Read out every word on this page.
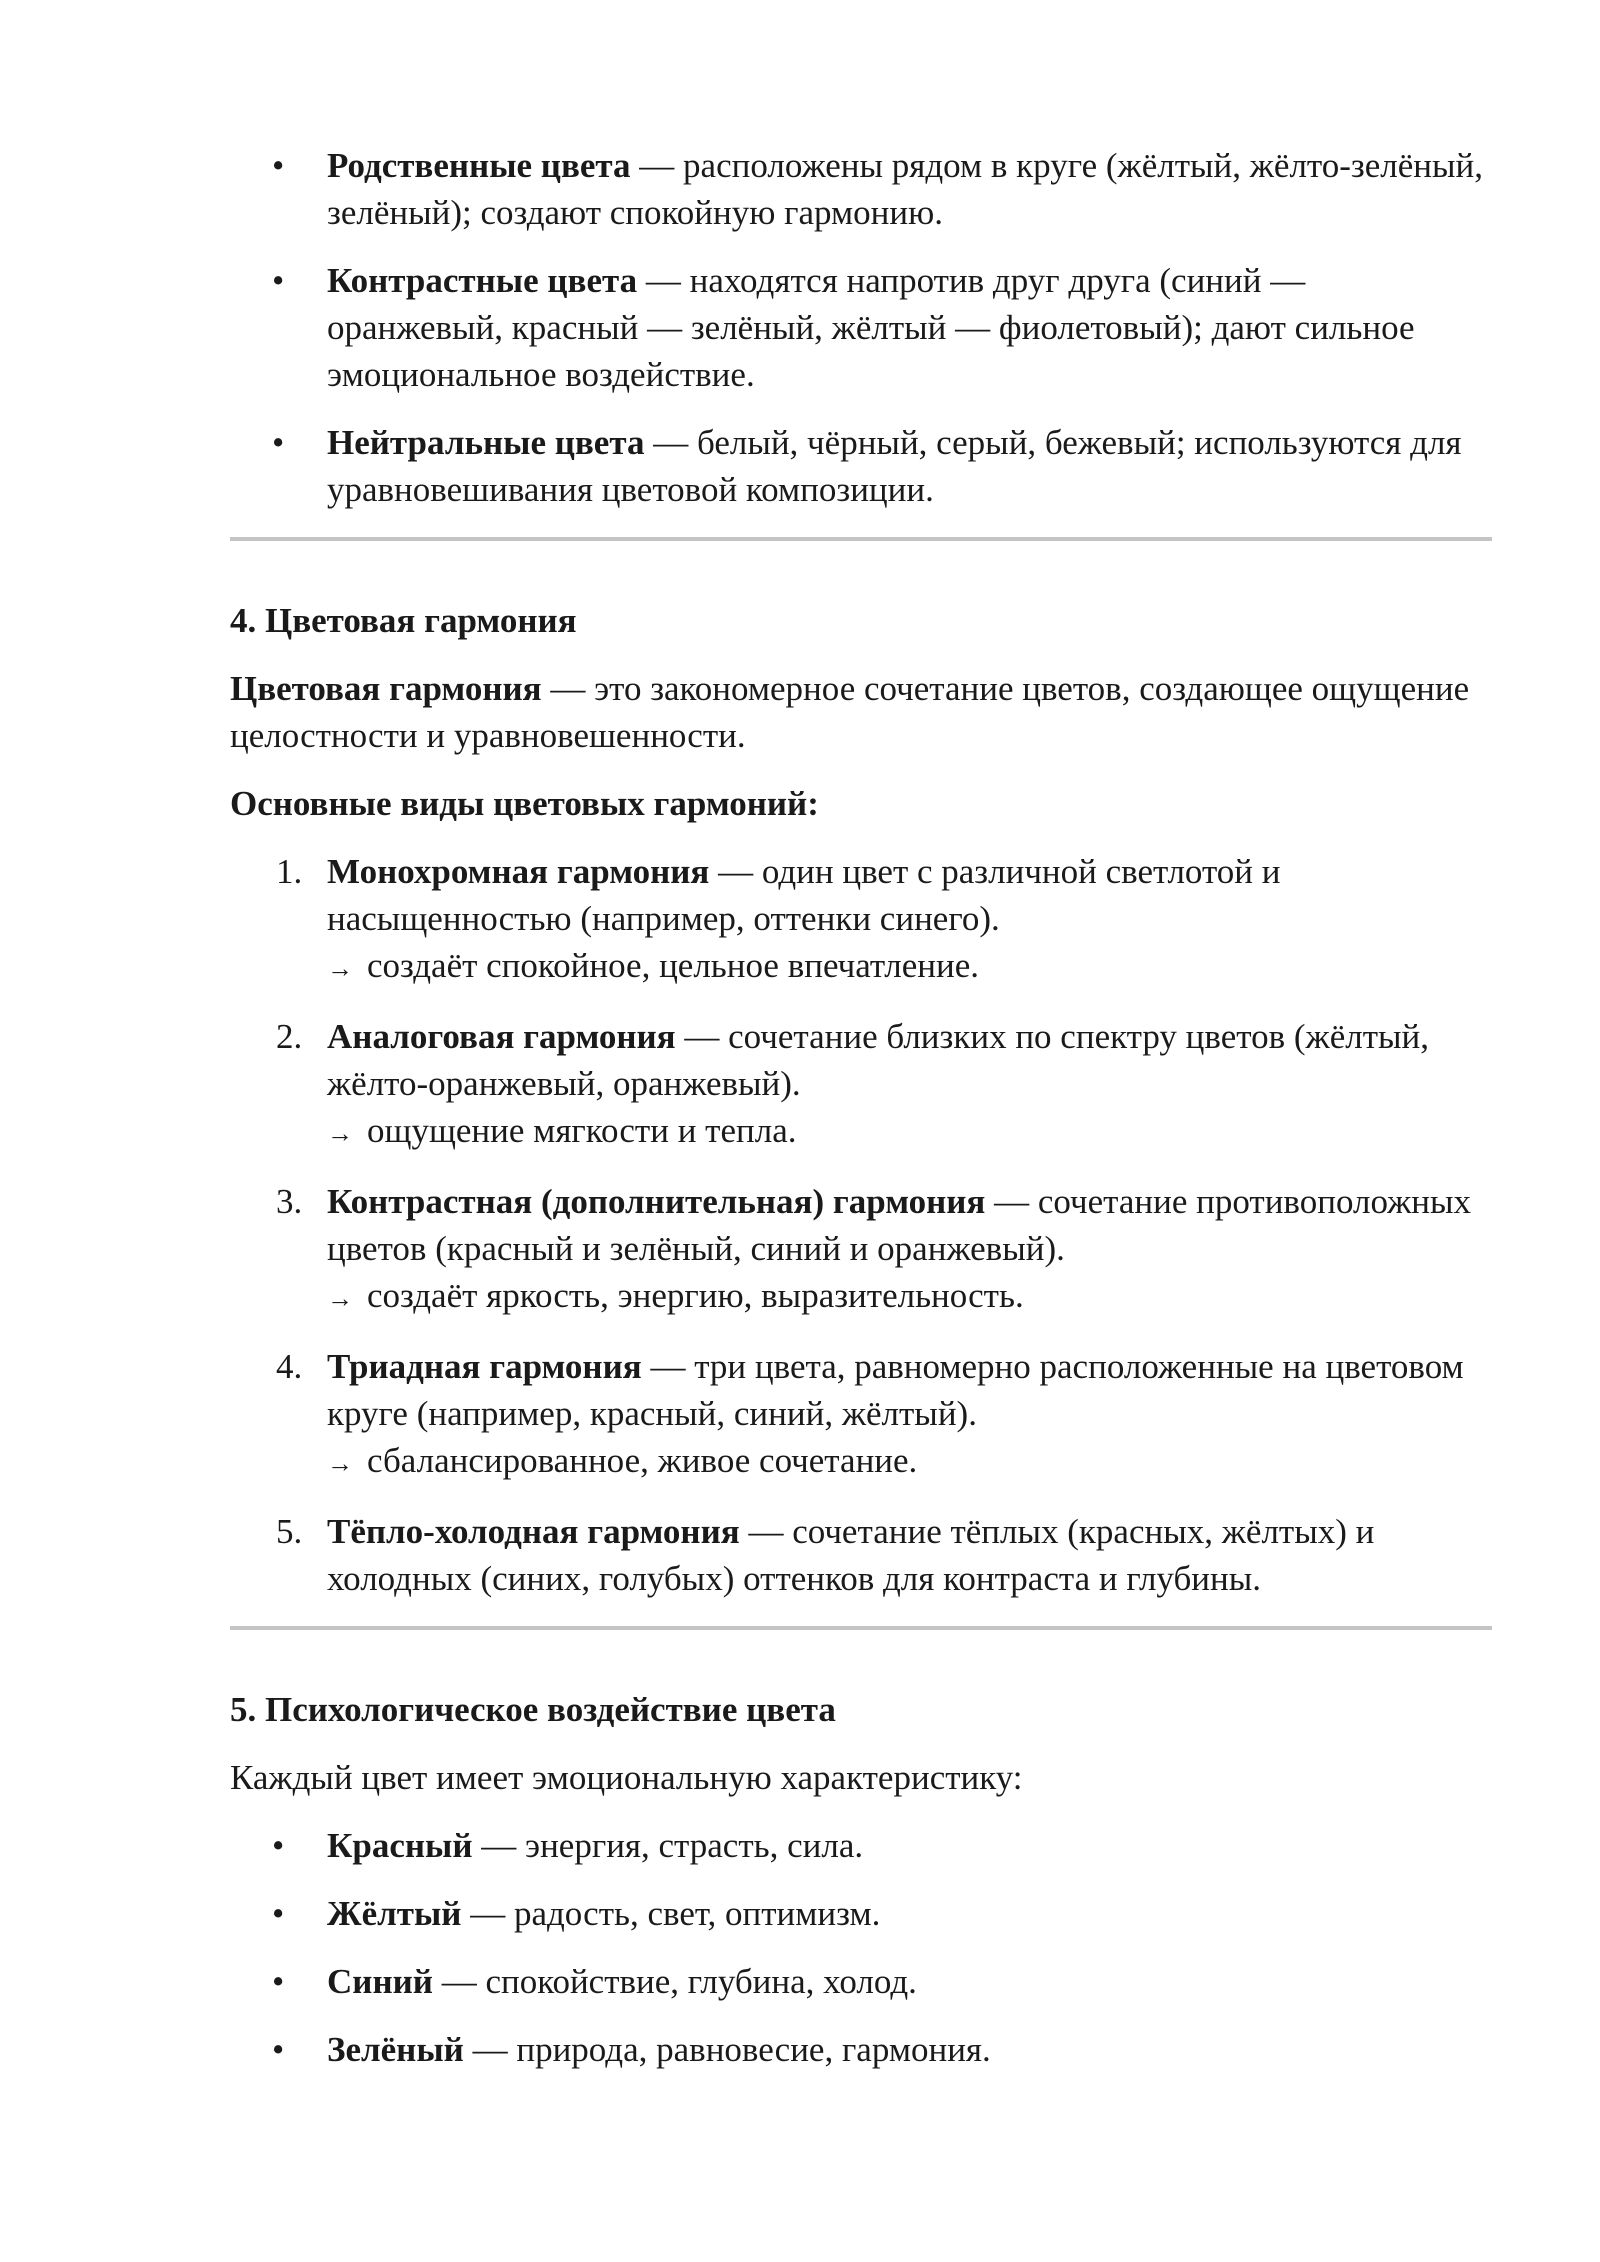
• Родственные цвета — расположены рядом в круге (жёлтый, жёлто-зелёный, зелёный); создают спокойную гармонию.
• Контрастные цвета — находятся напротив друг друга (синий — оранжевый, красный — зелёный, жёлтый — фиолетовый); дают сильное эмоциональное воздействие.
• Нейтральные цвета — белый, чёрный, серый, бежевый; используются для уравновешивания цветовой композиции.
4. Цветовая гармония

Цветовая гармония — это закономерное сочетание цветов, создающее ощущение целостности и уравновешенности.

Основные виды цветовых гармоний:

1. Монохромная гармония — один цвет с различной светлотой и насыщенностью (например, оттенки синего).
→ создаёт спокойное, цельное впечатление.
2. Аналоговая гармония — сочетание близких по спектру цветов (жёлтый, жёлто-оранжевый, оранжевый).
→ ощущение мягкости и тепла.
3. Контрастная (дополнительная) гармония — сочетание противоположных цветов (красный и зелёный, синий и оранжевый).
→ создаёт яркость, энергию, выразительность.
4. Триадная гармония — три цвета, равномерно расположенные на цветовом круге (например, красный, синий, жёлтый).
→ сбалансированное, живое сочетание.
5. Тёпло-холодная гармония — сочетание тёплых (красных, жёлтых) и холодных (синих, голубых) оттенков для контраста и глубины.
5. Психологическое воздействие цвета

Каждый цвет имеет эмоциональную характеристику:

• Красный — энергия, страсть, сила.
• Жёлтый — радость, свет, оптимизм.
• Синий — спокойствие, глубина, холод.
• Зелёный — природа, равновесие, гармония.
